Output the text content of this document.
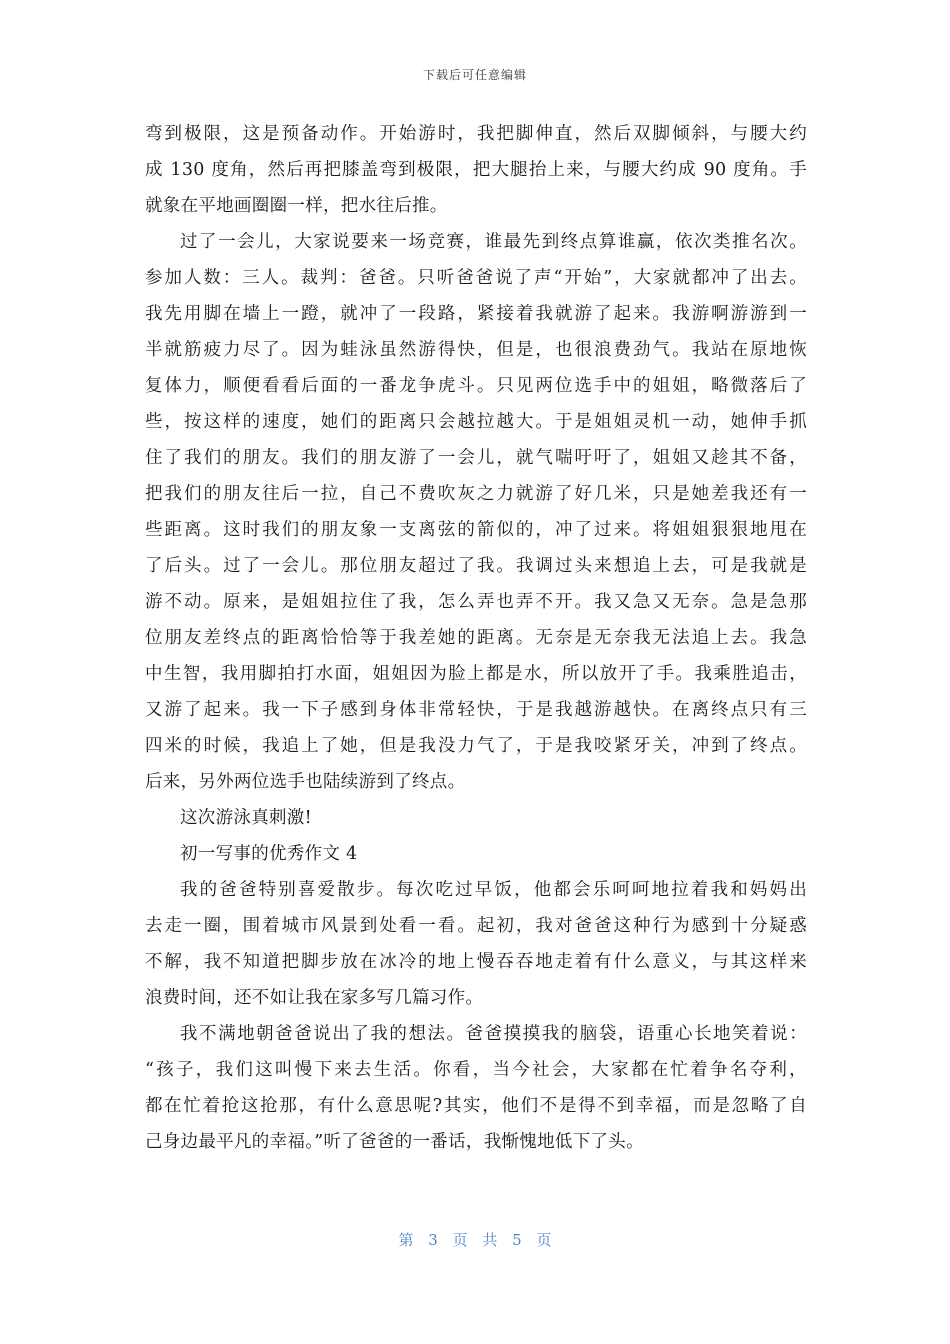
下载后可任意编辑
弯到极限，这是预备动作。开始游时，我把脚伸直，然后双脚倾斜，与腰大约
成 130 度角，然后再把膝盖弯到极限，把大腿抬上来，与腰大约成 90 度角。手
就象在平地画圈圈一样，把水往后推。
过了一会儿，大家说要来一场竞赛，谁最先到终点算谁赢，依次类推名次。
参加人数：三人。裁判：爸爸。只听爸爸说了声“开始”，大家就都冲了出去。
我先用脚在墙上一蹬，就冲了一段路，紧接着我就游了起来。我游啊游游到一
半就筋疲力尽了。因为蛙泳虽然游得快，但是，也很浪费劲气。我站在原地恢
复体力，顺便看看后面的一番龙争虎斗。只见两位选手中的姐姐，略微落后了
些，按这样的速度，她们的距离只会越拉越大。于是姐姐灵机一动，她伸手抓
住了我们的朋友。我们的朋友游了一会儿，就气喘吁吁了，姐姐又趁其不备，
把我们的朋友往后一拉，自己不费吹灰之力就游了好几米，只是她差我还有一
些距离。这时我们的朋友象一支离弦的箭似的，冲了过来。将姐姐狠狠地甩在
了后头。过了一会儿。那位朋友超过了我。我调过头来想追上去，可是我就是
游不动。原来，是姐姐拉住了我，怎么弄也弄不开。我又急又无奈。急是急那
位朋友差终点的距离恰恰等于我差她的距离。无奈是无奈我无法追上去。我急
中生智，我用脚拍打水面，姐姐因为脸上都是水，所以放开了手。我乘胜追击，
又游了起来。我一下子感到身体非常轻快，于是我越游越快。在离终点只有三
四米的时候，我追上了她，但是我没力气了，于是我咬紧牙关，冲到了终点。
后来，另外两位选手也陆续游到了终点。
这次游泳真刺激!
初一写事的优秀作文 4
我的爸爸特别喜爱散步。每次吃过早饭，他都会乐呵呵地拉着我和妈妈出
去走一圈，围着城市风景到处看一看。起初，我对爸爸这种行为感到十分疑惑
不解，我不知道把脚步放在冰冷的地上慢吞吞地走着有什么意义，与其这样来
浪费时间，还不如让我在家多写几篇习作。
我不满地朝爸爸说出了我的想法。爸爸摸摸我的脑袋，语重心长地笑着说：
“孩子，我们这叫慢下来去生活。你看，当今社会，大家都在忙着争名夺利，
都在忙着抢这抢那，有什么意思呢?其实，他们不是得不到幸福，而是忽略了自
己身边最平凡的幸福。”听了爸爸的一番话，我惭愧地低下了头。
第 3 页 共 5 页
